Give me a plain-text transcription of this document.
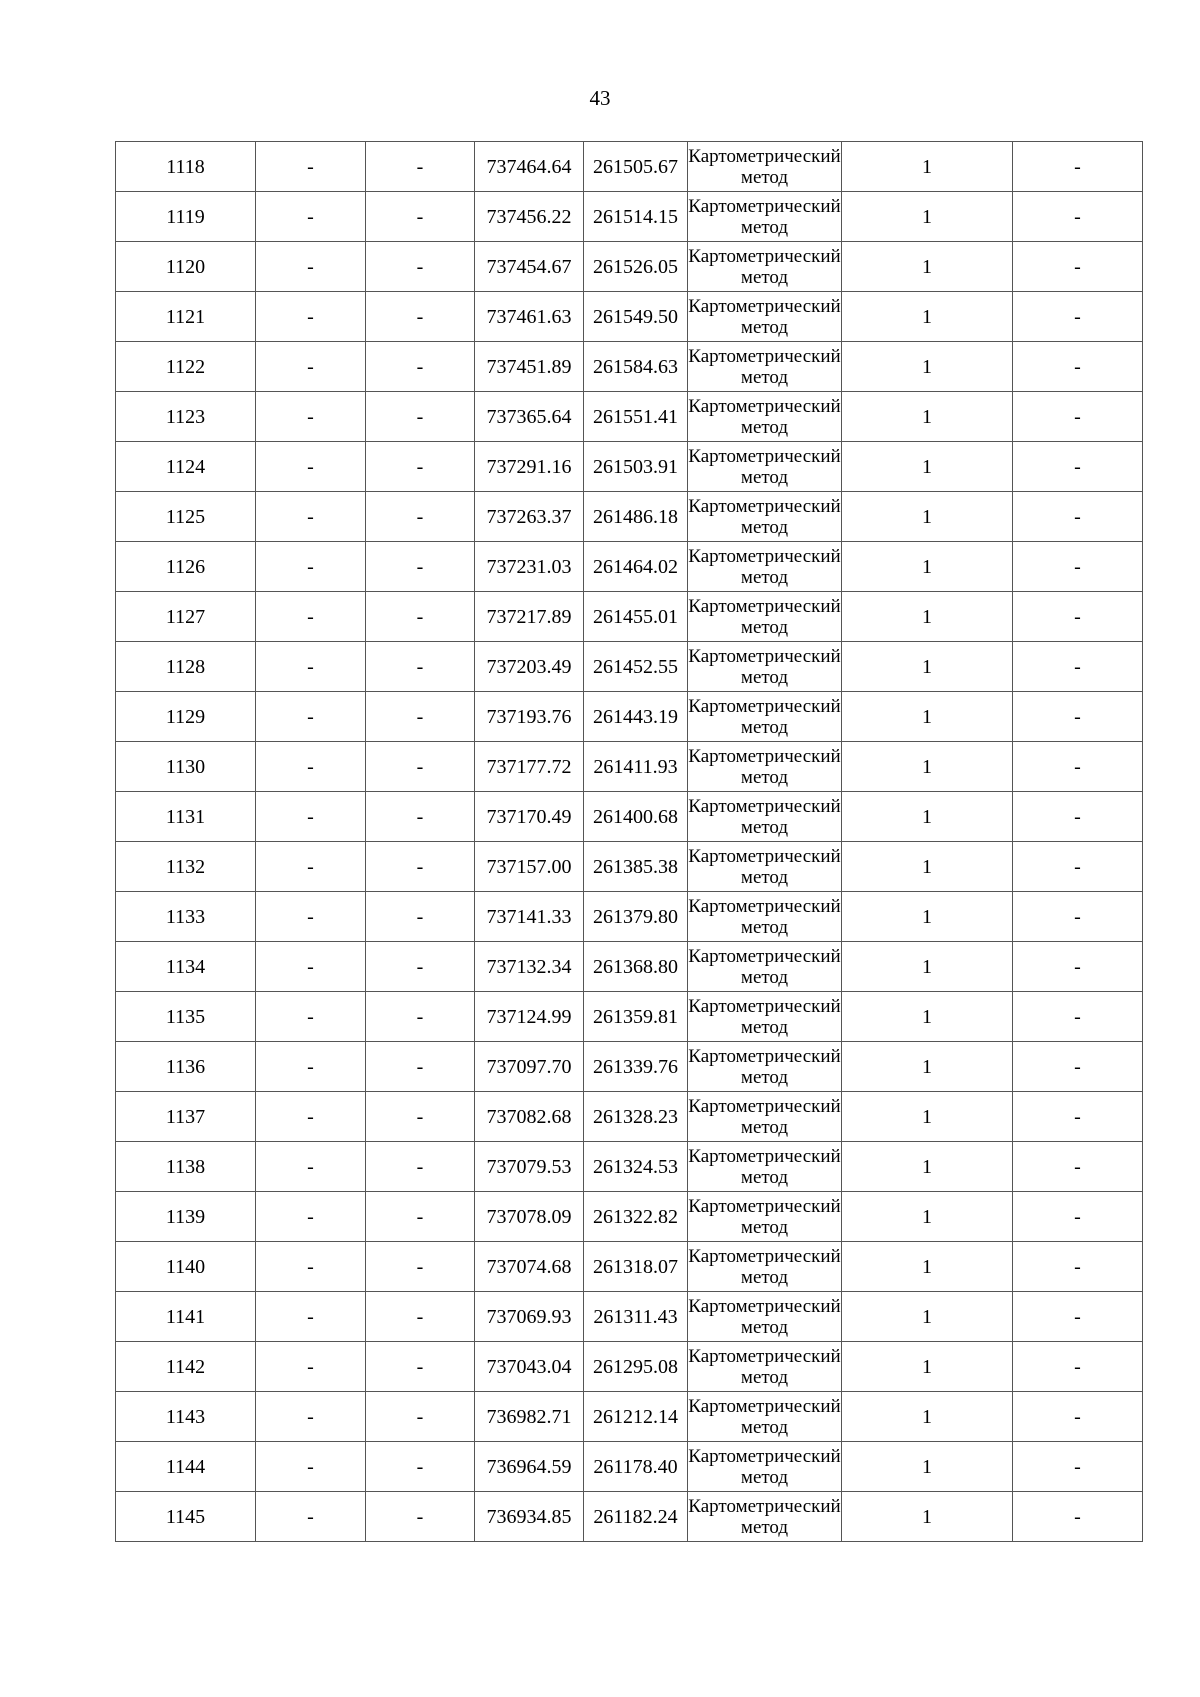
43
1118	-	-	737464.64	261505.67	Картометрический метод	1	-
1119	-	-	737456.22	261514.15	Картометрический метод	1	-
1120	-	-	737454.67	261526.05	Картометрический метод	1	-
1121	-	-	737461.63	261549.50	Картометрический метод	1	-
1122	-	-	737451.89	261584.63	Картометрический метод	1	-
1123	-	-	737365.64	261551.41	Картометрический метод	1	-
1124	-	-	737291.16	261503.91	Картометрический метод	1	-
1125	-	-	737263.37	261486.18	Картометрический метод	1	-
1126	-	-	737231.03	261464.02	Картометрический метод	1	-
1127	-	-	737217.89	261455.01	Картометрический метод	1	-
1128	-	-	737203.49	261452.55	Картометрический метод	1	-
1129	-	-	737193.76	261443.19	Картометрический метод	1	-
1130	-	-	737177.72	261411.93	Картометрический метод	1	-
1131	-	-	737170.49	261400.68	Картометрический метод	1	-
1132	-	-	737157.00	261385.38	Картометрический метод	1	-
1133	-	-	737141.33	261379.80	Картометрический метод	1	-
1134	-	-	737132.34	261368.80	Картометрический метод	1	-
1135	-	-	737124.99	261359.81	Картометрический метод	1	-
1136	-	-	737097.70	261339.76	Картометрический метод	1	-
1137	-	-	737082.68	261328.23	Картометрический метод	1	-
1138	-	-	737079.53	261324.53	Картометрический метод	1	-
1139	-	-	737078.09	261322.82	Картометрический метод	1	-
1140	-	-	737074.68	261318.07	Картометрический метод	1	-
1141	-	-	737069.93	261311.43	Картометрический метод	1	-
1142	-	-	737043.04	261295.08	Картометрический метод	1	-
1143	-	-	736982.71	261212.14	Картометрический метод	1	-
1144	-	-	736964.59	261178.40	Картометрический метод	1	-
1145	-	-	736934.85	261182.24	Картометрический метод	1	-
